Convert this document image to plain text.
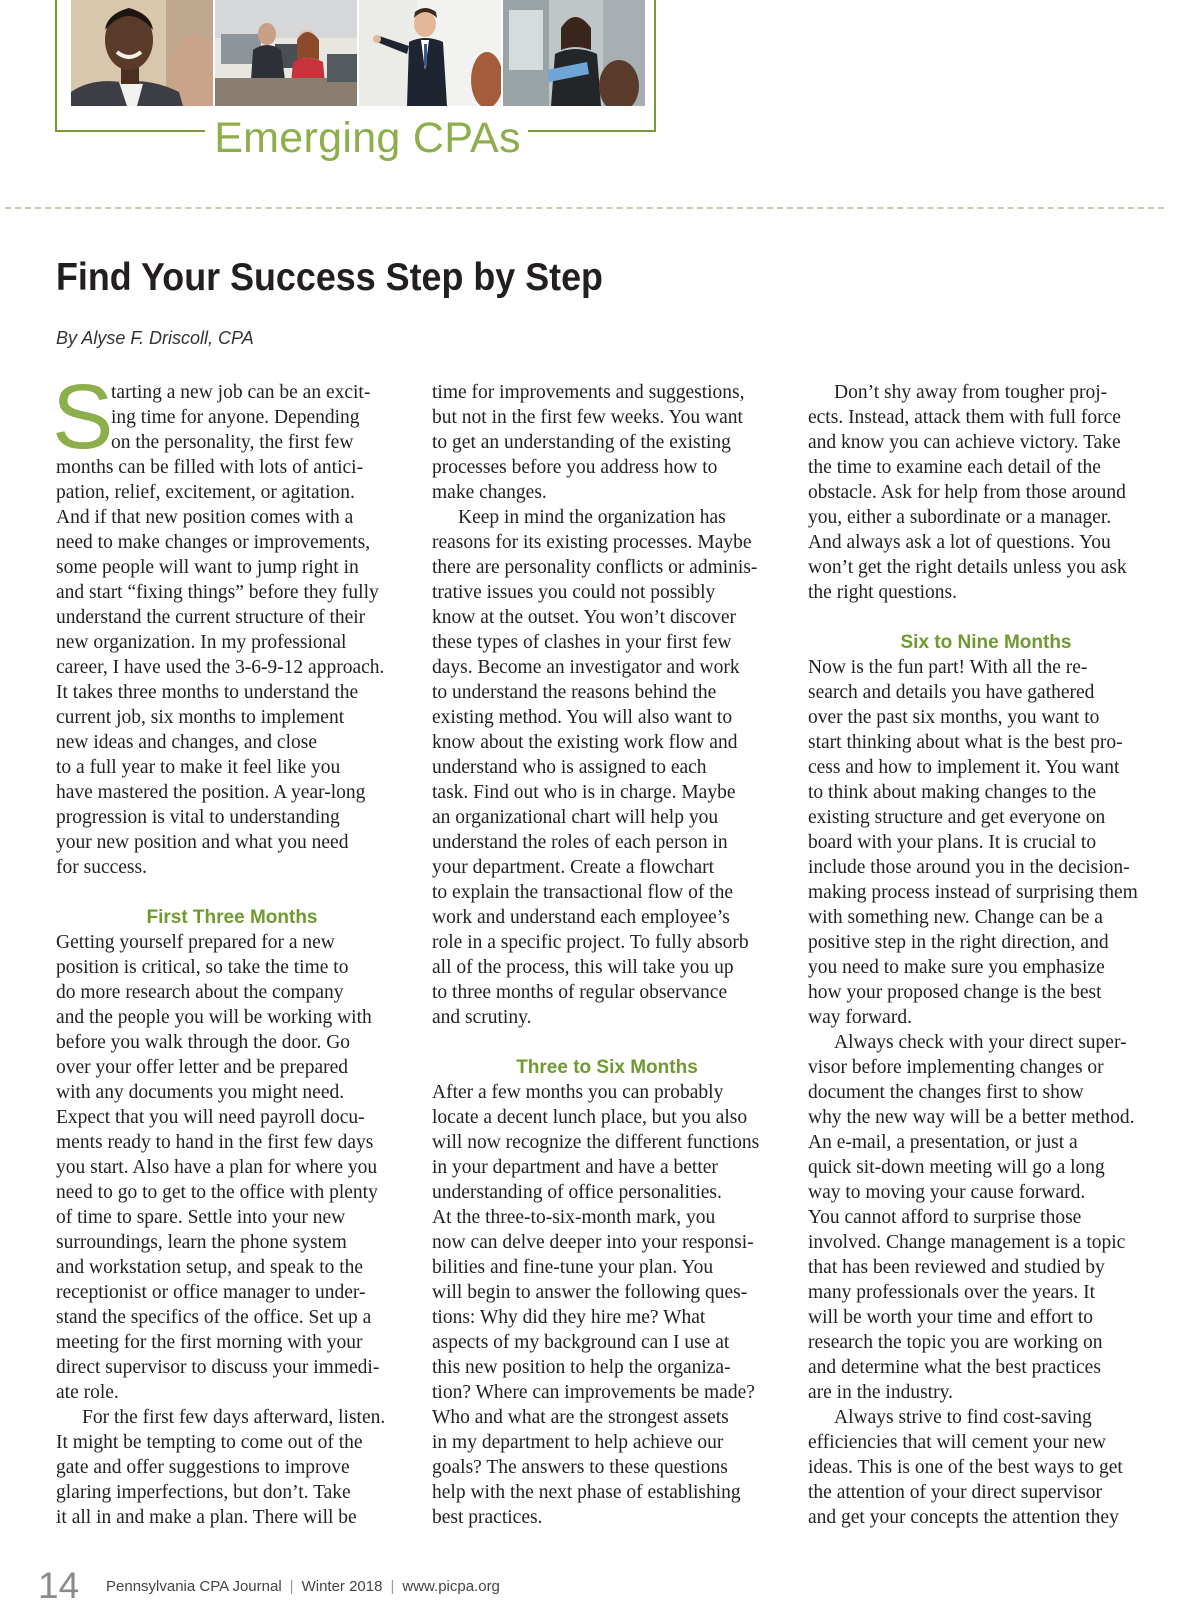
Emerging CPAs
Find Your Success Step by Step
By Alyse F. Driscoll, CPA
S
tarting a new job can be an excit-
ing time for anyone. Depending
on the personality, the first few
months can be filled with lots of antici-
pation, relief, excitement, or agitation.
And if that new position comes with a
need to make changes or improvements,
some people will want to jump right in
and start “fixing things” before they fully
understand the current structure of their
new organization. In my professional
career, I have used the 3-6-9-12 approach.
It takes three months to understand the
current job, six months to implement
new ideas and changes, and close
to a full year to make it feel like you
have mastered the position. A year-long
progression is vital to understanding
your new position and what you need
for success.
First Three Months
Getting yourself prepared for a new
position is critical, so take the time to
do more research about the company
and the people you will be working with
before you walk through the door. Go
over your offer letter and be prepared
with any documents you might need.
Expect that you will need payroll docu-
ments ready to hand in the first few days
you start. Also have a plan for where you
need to go to get to the office with plenty
of time to spare. Settle into your new
surroundings, learn the phone system
and workstation setup, and speak to the
receptionist or office manager to under-
stand the specifics of the office. Set up a
meeting for the first morning with your
direct supervisor to discuss your immedi-
ate role.
For the first few days afterward, listen.
It might be tempting to come out of the
gate and offer suggestions to improve
glaring imperfections, but don’t. Take
it all in and make a plan. There will be
time for improvements and suggestions,
but not in the first few weeks. You want
to get an understanding of the existing
processes before you address how to
make changes.
Keep in mind the organization has
reasons for its existing processes. Maybe
there are personality conflicts or adminis-
trative issues you could not possibly
know at the outset. You won’t discover
these types of clashes in your first few
days. Become an investigator and work
to understand the reasons behind the
existing method. You will also want to
know about the existing work flow and
understand who is assigned to each
task. Find out who is in charge. Maybe
an organizational chart will help you
understand the roles of each person in
your department. Create a flowchart
to explain the transactional flow of the
work and understand each employee’s
role in a specific project. To fully absorb
all of the process, this will take you up
to three months of regular observance
and scrutiny.
Three to Six Months
After a few months you can probably
locate a decent lunch place, but you also
will now recognize the different functions
in your department and have a better
understanding of office personalities.
At the three-to-six-month mark, you
now can delve deeper into your responsi-
bilities and fine-tune your plan. You
will begin to answer the following ques-
tions: Why did they hire me? What
aspects of my background can I use at
this new position to help the organiza-
tion? Where can improvements be made?
Who and what are the strongest assets
in my department to help achieve our
goals? The answers to these questions
help with the next phase of establishing
best practices.
Don’t shy away from tougher proj-
ects. Instead, attack them with full force
and know you can achieve victory. Take
the time to examine each detail of the
obstacle. Ask for help from those around
you, either a subordinate or a manager.
And always ask a lot of questions. You
won’t get the right details unless you ask
the right questions.
Six to Nine Months
Now is the fun part! With all the re-
search and details you have gathered
over the past six months, you want to
start thinking about what is the best pro-
cess and how to implement it. You want
to think about making changes to the
existing structure and get everyone on
board with your plans. It is crucial to
include those around you in the decision-
making process instead of surprising them
with something new. Change can be a
positive step in the right direction, and
you need to make sure you emphasize
how your proposed change is the best
way forward.
Always check with your direct super-
visor before implementing changes or
document the changes first to show
why the new way will be a better method.
An e-mail, a presentation, or just a
quick sit-down meeting will go a long
way to moving your cause forward.
You cannot afford to surprise those
involved. Change management is a topic
that has been reviewed and studied by
many professionals over the years. It
will be worth your time and effort to
research the topic you are working on
and determine what the best practices
are in the industry.
Always strive to find cost-saving
efficiencies that will cement your new
ideas. This is one of the best ways to get
the attention of your direct supervisor
and get your concepts the attention they
14 Pennsylvania CPA Journal | Winter 2018 | www.picpa.org
